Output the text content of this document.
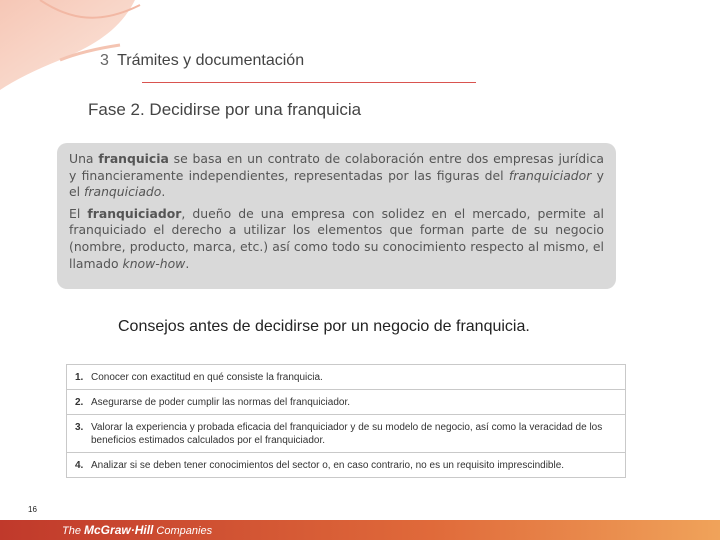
3 Trámites y documentación
Fase 2. Decidirse por una franquicia

Una franquicia se basa en un contrato de colaboración entre dos empresas jurídica y financieramente independientes, representadas por las figuras del franquiciador y el franquiciado.

El franquiciador, dueño de una empresa con solidez en el mercado, permite al franquiciado el derecho a utilizar los elementos que forman parte de su negocio (nombre, producto, marca, etc.) así como todo su conocimiento respecto al mismo, el llamado know-how.

Consejos antes de decidirse por un negocio de franquicia.
1. Conocer con exactitud en qué consiste la franquicia.
2. Asegurarse de poder cumplir las normas del franquiciador.
3. Valorar la experiencia y probada eficacia del franquiciador y de su modelo de negocio, así como la veracidad de los beneficios estimados calculados por el franquiciador.
4. Analizar si se deben tener conocimientos del sector o, en caso contrario, no es un requisito imprescindible.
16
The McGraw·Hill Companies
